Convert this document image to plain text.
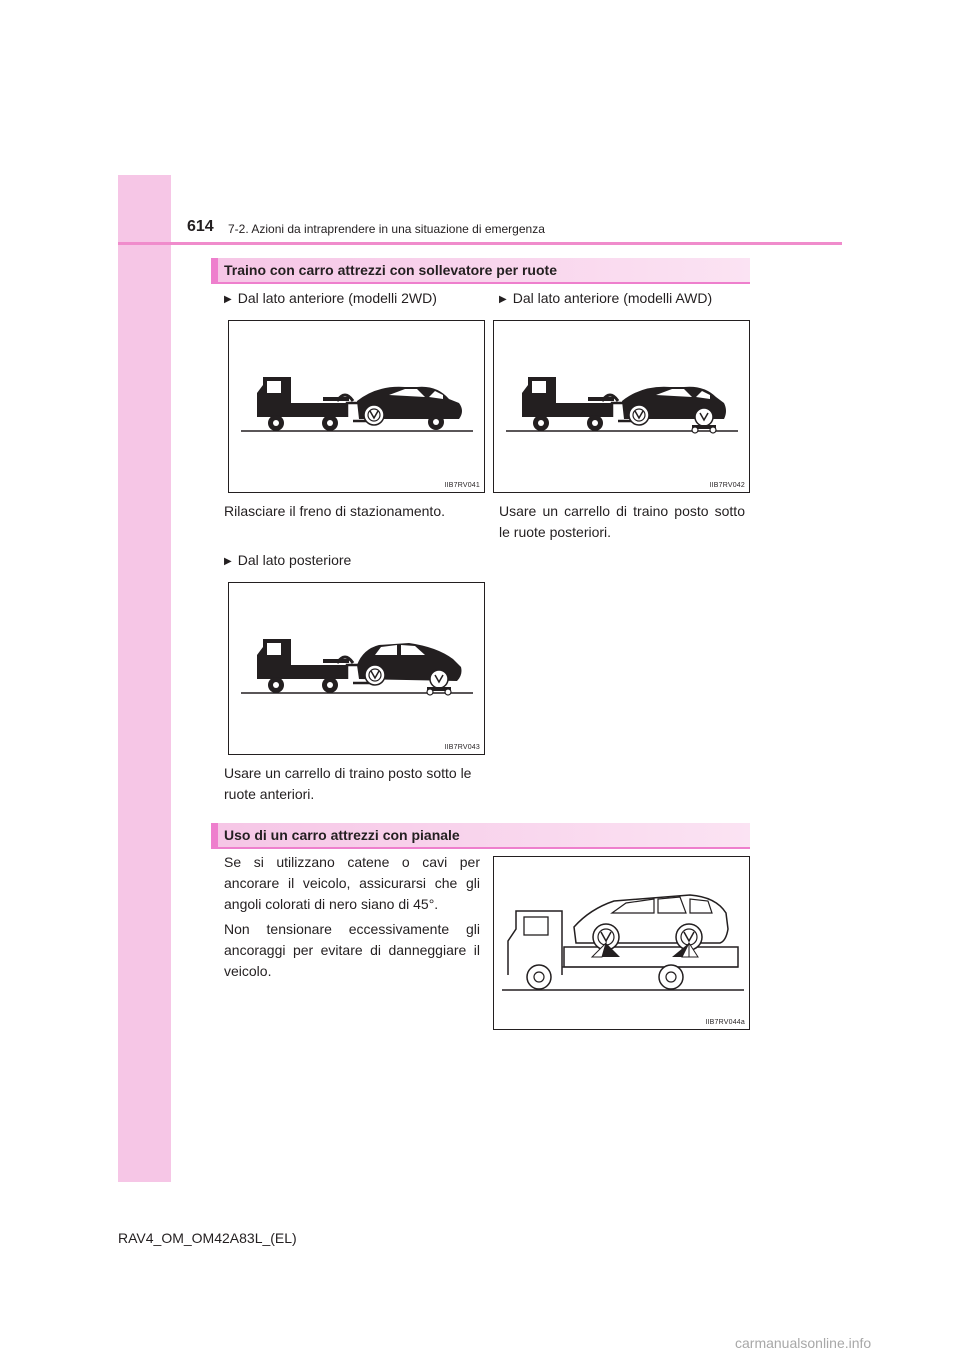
614 7-2. Azioni da intraprendere in una situazione di emergenza
Traino con carro attrezzi con sollevatore per ruote
▶ Dal lato anteriore (modelli 2WD)	▶ Dal lato anteriore (modelli AWD)
IIB7RV041	IIB7RV042
Rilasciare il freno di stazionamento.	Usare un carrello di traino posto sotto le ruote posteriori.
▶ Dal lato posteriore
IIB7RV043
Usare un carrello di traino posto sotto le ruote anteriori.
Uso di un carro attrezzi con pianale
Se si utilizzano catene o cavi per ancorare il veicolo, assicurarsi che gli angoli colorati di nero siano di 45°.
Non tensionare eccessivamente gli ancoraggi per evitare di danneggiare il veicolo.
IIB7RV044a
RAV4_OM_OM42A83L_(EL)
carmanualsonline.info
